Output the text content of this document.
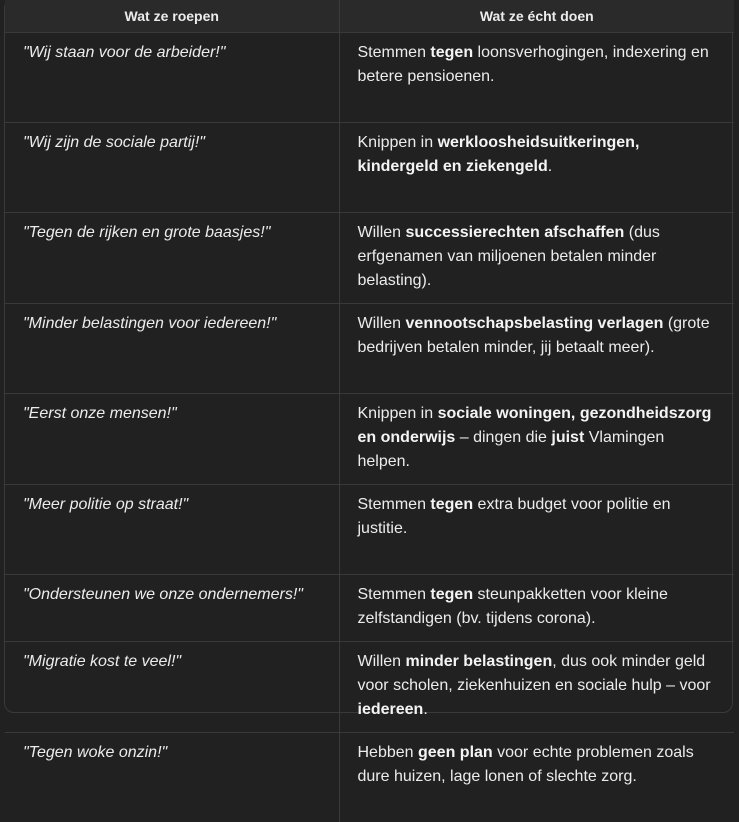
Wat ze roepen	Wat ze écht doen
"Wij staan voor de arbeider!"	Stemmen tegen loonsverhogingen, indexering en betere pensioenen.
"Wij zijn de sociale partij!"	Knippen in werkloosheidsuitkeringen, kindergeld en ziekengeld.
"Tegen de rijken en grote baasjes!"	Willen successierechten afschaffen (dus erfgenamen van miljoenen betalen minder belasting).
"Minder belastingen voor iedereen!"	Willen vennootschapsbelasting verlagen (grote bedrijven betalen minder, jij betaalt meer).
"Eerst onze mensen!"	Knippen in sociale woningen, gezondheidszorg en onderwijs – dingen die juist Vlamingen helpen.
"Meer politie op straat!"	Stemmen tegen extra budget voor politie en justitie.
"Ondersteunen we onze ondernemers!"	Stemmen tegen steunpakketten voor kleine zelfstandigen (bv. tijdens corona).
"Migratie kost te veel!"	Willen minder belastingen, dus ook minder geld voor scholen, ziekenhuizen en sociale hulp – voor iedereen.
"Tegen woke onzin!"	Hebben geen plan voor echte problemen zoals dure huizen, lage lonen of slechte zorg.
